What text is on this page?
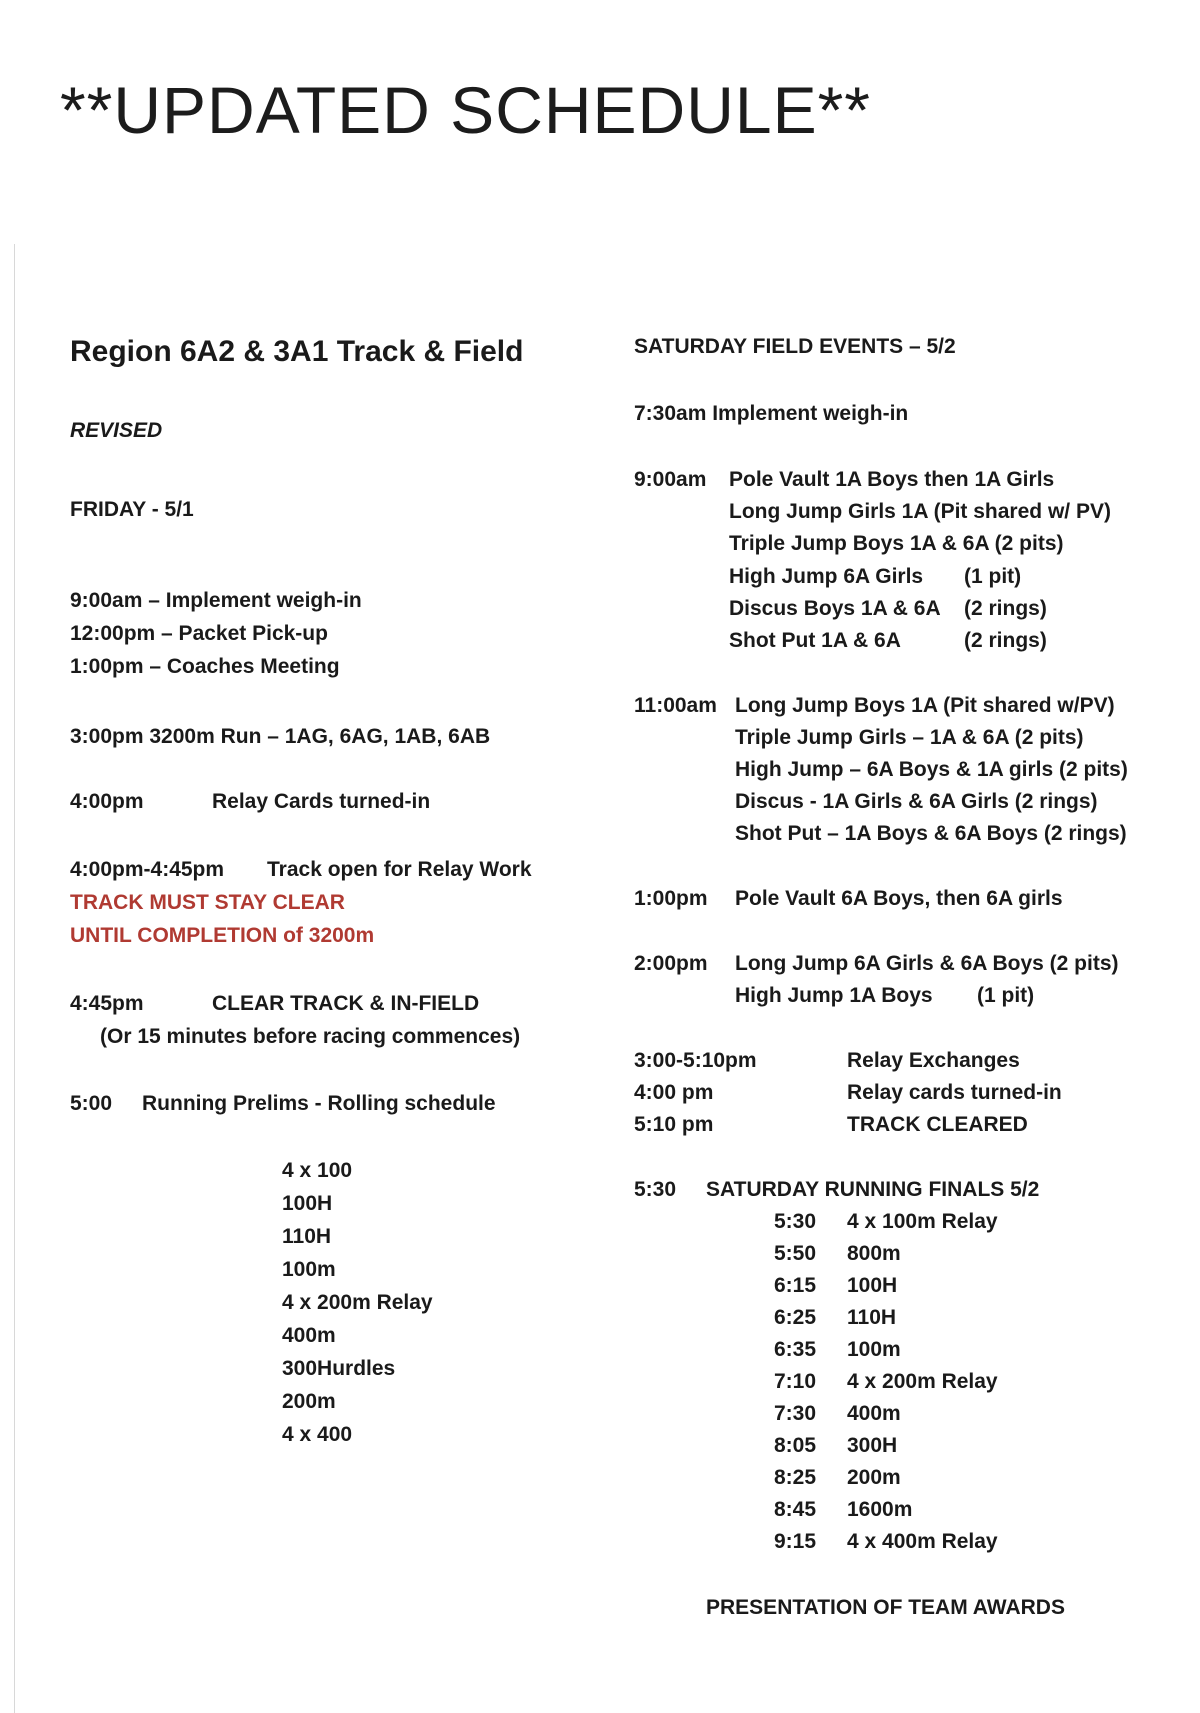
**UPDATED SCHEDULE**
Region 6A2 & 3A1 Track & Field
REVISED
FRIDAY - 5/1
9:00am – Implement weigh-in
12:00pm – Packet Pick-up
1:00pm – Coaches Meeting
3:00pm 3200m Run – 1AG, 6AG, 1AB, 6AB
4:00pm	Relay Cards turned-in
4:00pm-4:45pm Track open for Relay Work
TRACK MUST STAY CLEAR
UNTIL COMPLETION of 3200m
4:45pm	CLEAR TRACK & IN-FIELD
(Or 15 minutes before racing commences)
5:00 Running Prelims - Rolling schedule
4 x 100
100H
110H
100m
4 x 200m Relay
400m
300Hurdles
200m
4 x 400
SATURDAY FIELD EVENTS – 5/2
7:30am Implement weigh-in
9:00am Pole Vault 1A Boys then 1A Girls
Long Jump Girls 1A (Pit shared w/ PV)
Triple Jump Boys 1A & 6A (2 pits)
High Jump 6A Girls (1 pit)
Discus Boys 1A & 6A (2 rings)
Shot Put 1A & 6A	(2 rings)
11:00am Long Jump Boys 1A (Pit shared w/PV)
Triple Jump Girls – 1A & 6A (2 pits)
High Jump – 6A Boys & 1A girls (2 pits)
Discus - 1A Girls & 6A Girls (2 rings)
Shot Put – 1A Boys & 6A Boys (2 rings)
1:00pm Pole Vault 6A Boys, then 6A girls
2:00pm Long Jump 6A Girls & 6A Boys (2 pits)
High Jump 1A Boys (1 pit)
3:00-5:10pm	Relay Exchanges
4:00 pm	Relay cards turned-in
5:10 pm	TRACK CLEARED
5:30 SATURDAY RUNNING FINALS 5/2
5:30 4 x 100m Relay
5:50 800m
6:15 100H
6:25 110H
6:35 100m
7:10 4 x 200m Relay
7:30 400m
8:05 300H
8:25 200m
8:45 1600m
9:15 4 x 400m Relay
PRESENTATION OF TEAM AWARDS
